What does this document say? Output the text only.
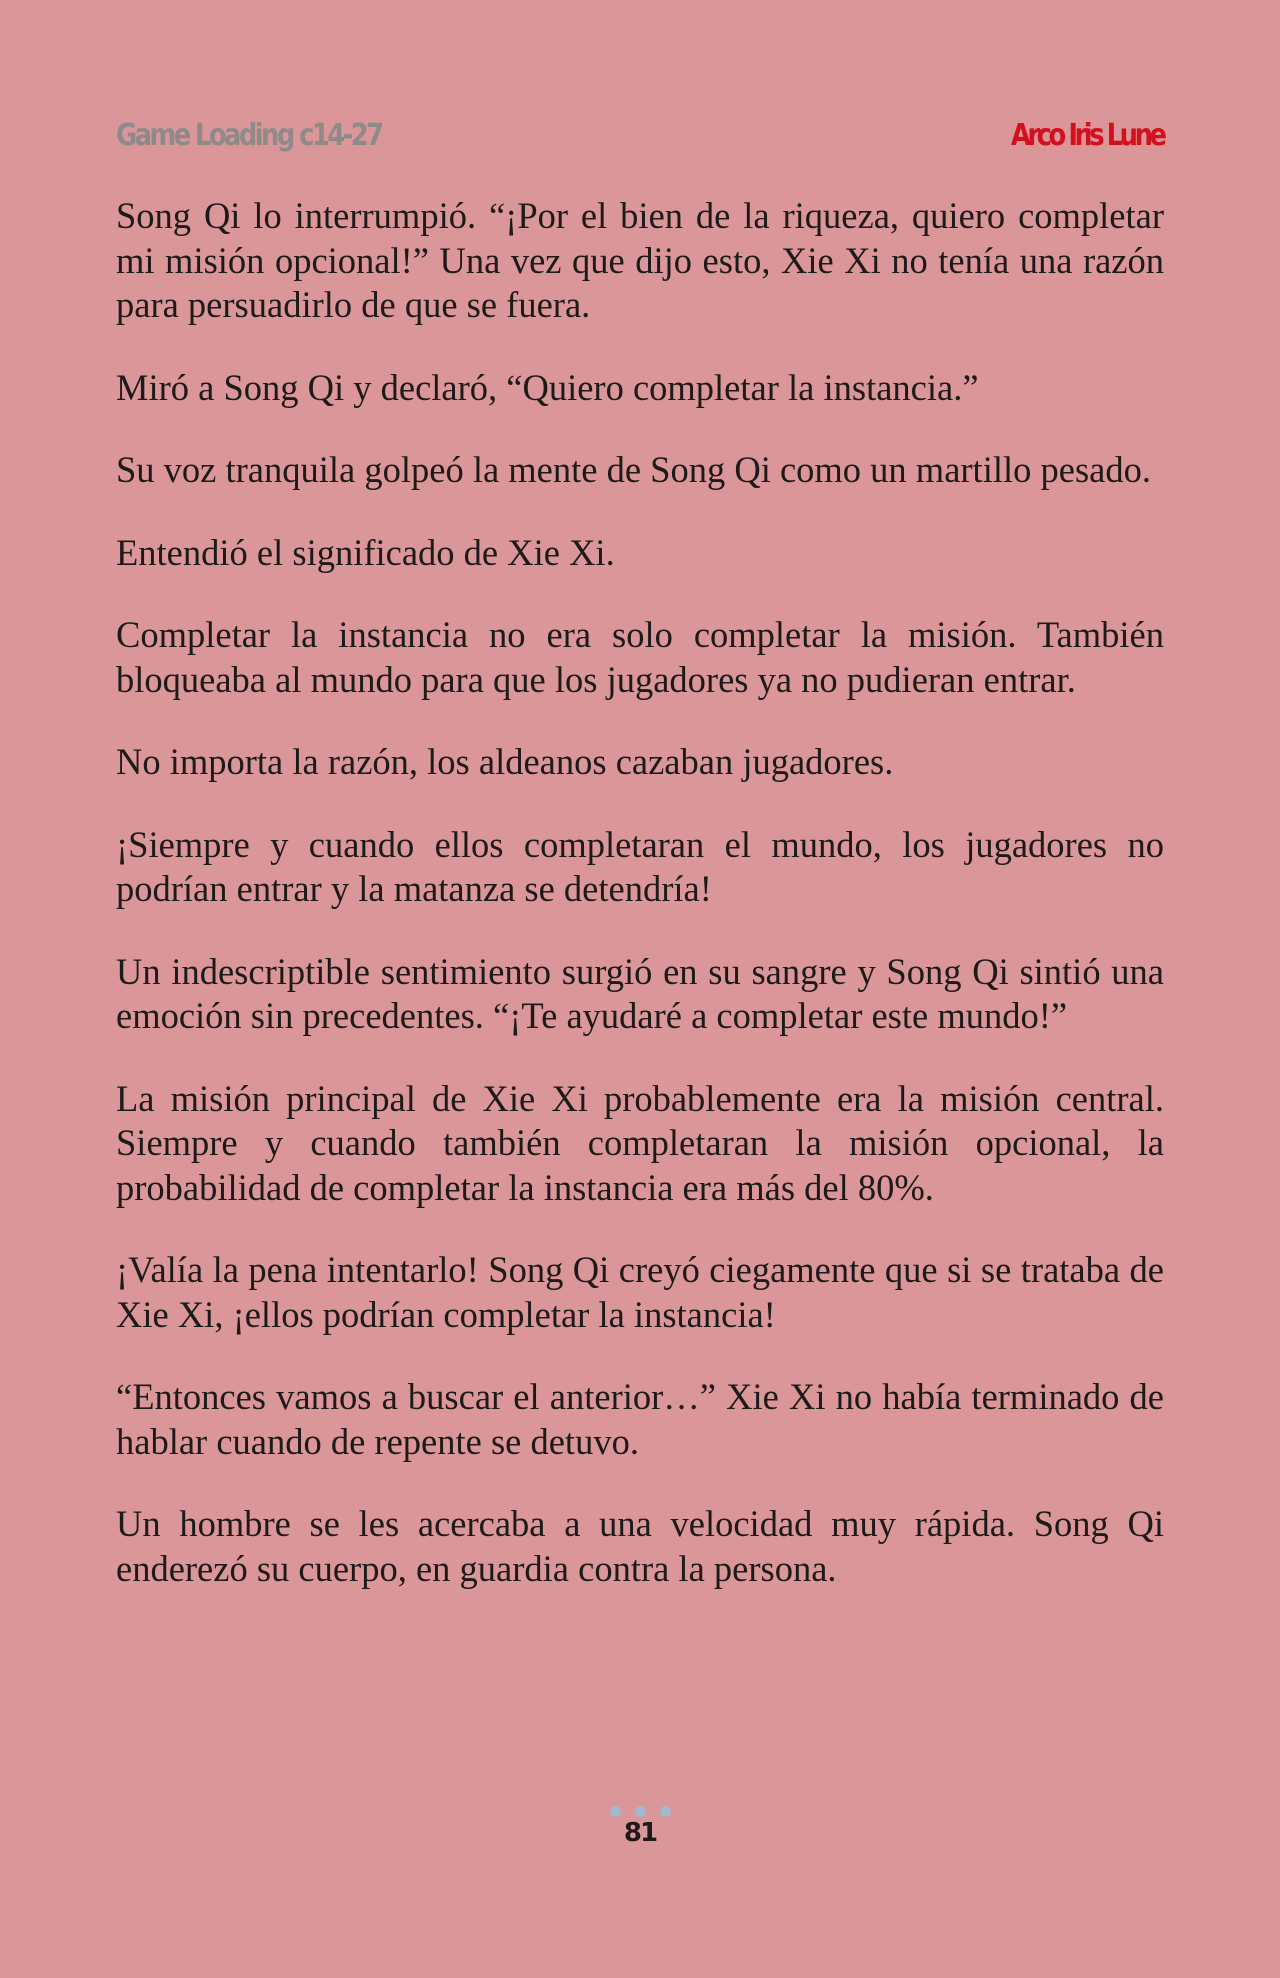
Game Loading c14-27	Arco Iris Lune

Song Qi lo interrumpió. “¡Por el bien de la riqueza, quiero completar mi misión opcional!” Una vez que dijo esto, Xie Xi no tenía una razón para persuadirlo de que se fuera.

Miró a Song Qi y declaró, “Quiero completar la instancia.”

Su voz tranquila golpeó la mente de Song Qi como un martillo pesado.

Entendió el significado de Xie Xi.

Completar la instancia no era solo completar la misión. También bloqueaba al mundo para que los jugadores ya no pudieran entrar.

No importa la razón, los aldeanos cazaban jugadores.

¡Siempre y cuando ellos completaran el mundo, los jugadores no podrían entrar y la matanza se detendría!

Un indescriptible sentimiento surgió en su sangre y Song Qi sintió una emoción sin precedentes. “¡Te ayudaré a completar este mundo!”

La misión principal de Xie Xi probablemente era la misión central. Siempre y cuando también completaran la misión opcional, la probabilidad de completar la instancia era más del 80%.

¡Valía la pena intentarlo! Song Qi creyó ciegamente que si se trataba de Xie Xi, ¡ellos podrían completar la instancia!

“Entonces vamos a buscar el anterior…” Xie Xi no había terminado de hablar cuando de repente se detuvo.

Un hombre se les acercaba a una velocidad muy rápida. Song Qi enderezó su cuerpo, en guardia contra la persona.

81
